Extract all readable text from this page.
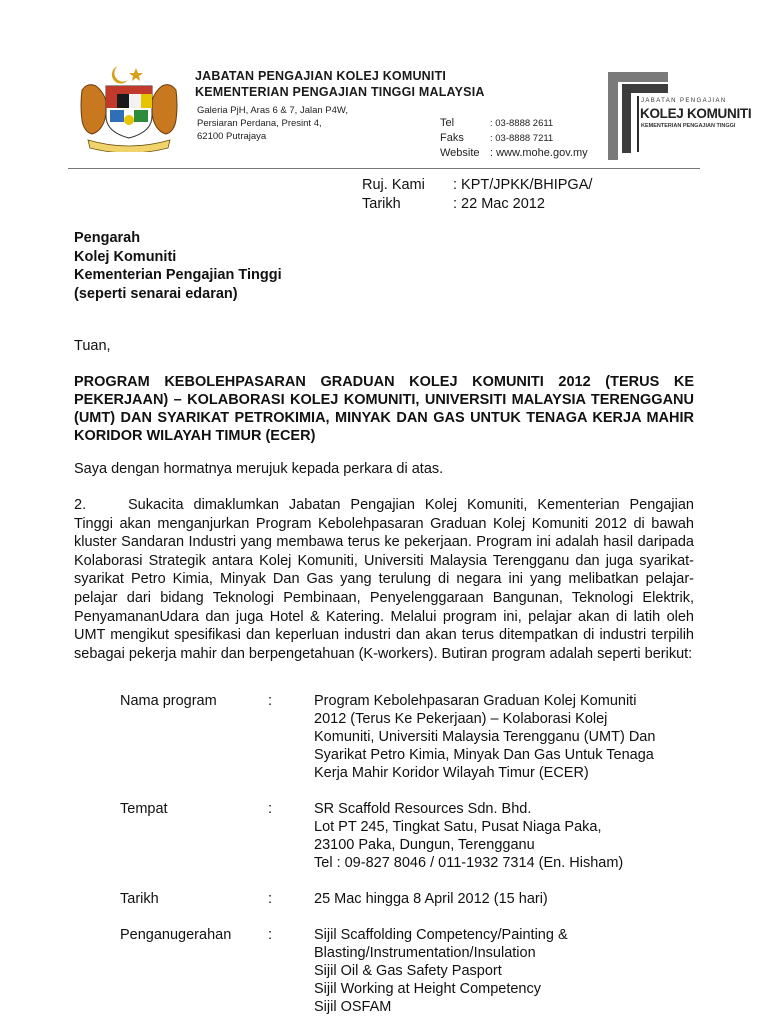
JABATAN PENGAJIAN KOLEJ KOMUNITI
KEMENTERIAN PENGAJIAN TINGGI MALAYSIA
Galeria PjH, Aras 6 & 7, Jalan P4W,
Persiaran Perdana, Presint 4,
62100 Putrajaya
Tel	: 03-8888 2611
Faks	: 03-8888 7211
Website : www.mohe.gov.my
JABATAN PENGAJIAN
KOLEJ KOMUNITI
KEMENTERIAN PENGAJIAN TINGGI
Ruj. Kami	: KPT/JPKK/BHIPGA/
Tarikh	: 22 Mac 2012
Pengarah
Kolej Komuniti
Kementerian Pengajian Tinggi
(seperti senarai edaran)
Tuan,
PROGRAM KEBOLEHPASARAN GRADUAN KOLEJ KOMUNITI 2012 (TERUS KE PEKERJAAN) – KOLABORASI KOLEJ KOMUNITI, UNIVERSITI MALAYSIA TERENGGANU (UMT) DAN SYARIKAT PETROKIMIA, MINYAK DAN GAS UNTUK TENAGA KERJA MAHIR KORIDOR WILAYAH TIMUR (ECER)
Saya dengan hormatnya merujuk kepada perkara di atas.
2.	Sukacita dimaklumkan Jabatan Pengajian Kolej Komuniti, Kementerian Pengajian Tinggi akan menganjurkan Program Kebolehpasaran Graduan Kolej Komuniti 2012 di bawah kluster Sandaran Industri yang membawa terus ke pekerjaan. Program ini adalah hasil daripada Kolaborasi Strategik antara Kolej Komuniti, Universiti Malaysia Terengganu dan juga syarikat-syarikat Petro Kimia, Minyak Dan Gas yang terulung di negara ini yang melibatkan pelajar-pelajar dari bidang Teknologi Pembinaan, Penyelenggaraan Bangunan, Teknologi Elektrik, PenyamananUdara dan juga Hotel & Katering. Melalui program ini, pelajar akan di latih oleh UMT mengikut spesifikasi dan keperluan industri dan akan terus ditempatkan di industri terpilih sebagai pekerja mahir dan berpengetahuan (K-workers). Butiran program adalah seperti berikut:
Nama program	:	Program Kebolehpasaran Graduan Kolej Komuniti
2012 (Terus Ke Pekerjaan) – Kolaborasi Kolej
Komuniti, Universiti Malaysia Terengganu (UMT) Dan
Syarikat Petro Kimia, Minyak Dan Gas Untuk Tenaga
Kerja Mahir Koridor Wilayah Timur (ECER)
Tempat	:	SR Scaffold Resources Sdn. Bhd.
Lot PT 245, Tingkat Satu, Pusat Niaga Paka,
23100 Paka, Dungun, Terengganu
Tel : 09-827 8046 / 011-1932 7314 (En. Hisham)
Tarikh	:	25 Mac hingga 8 April 2012 (15 hari)
Penganugerahan	:	Sijil Scaffolding Competency/Painting &
Blasting/Instrumentation/Insulation
Sijil Oil & Gas Safety Pasport
Sijil Working at Height Competency
Sijil OSFAM
